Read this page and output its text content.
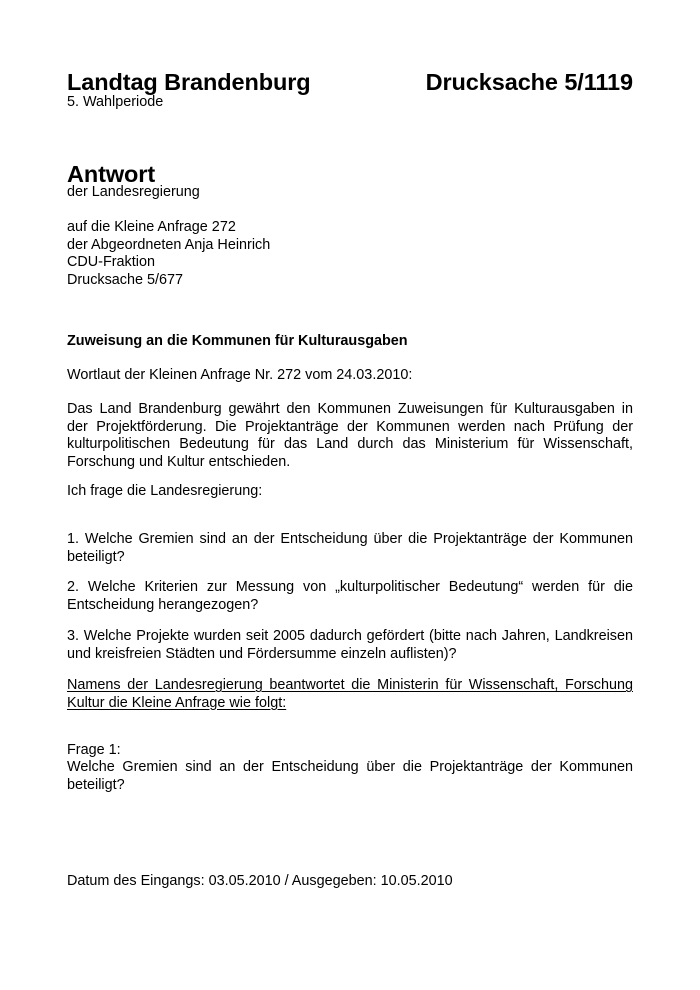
Landtag Brandenburg	Drucksache 5/1119
5. Wahlperiode
Antwort
der Landesregierung
auf die Kleine Anfrage 272
der Abgeordneten Anja Heinrich
CDU-Fraktion
Drucksache 5/677
Zuweisung an die Kommunen für Kulturausgaben
Wortlaut der Kleinen Anfrage Nr. 272 vom 24.03.2010:
Das Land Brandenburg gewährt den Kommunen Zuweisungen für Kulturausgaben in
der Projektförderung. Die Projektanträge der Kommunen werden nach Prüfung der
kulturpolitischen Bedeutung für das Land durch das Ministerium für Wissenschaft,
Forschung und Kultur entschieden.
Ich frage die Landesregierung:
1. Welche Gremien sind an der Entscheidung über die Projektanträge der Kommunen
beteiligt?
2. Welche Kriterien zur Messung von „kulturpolitischer Bedeutung“ werden für die
Entscheidung herangezogen?
3. Welche Projekte wurden seit 2005 dadurch gefördert (bitte nach Jahren, Landkreisen
und kreisfreien Städten und Fördersumme einzeln auflisten)?
Namens der Landesregierung beantwortet die Ministerin für Wissenschaft, Forschung
Kultur die Kleine Anfrage wie folgt:
Frage 1:
Welche Gremien sind an der Entscheidung über die Projektanträge der Kommunen
beteiligt?
Datum des Eingangs: 03.05.2010 / Ausgegeben: 10.05.2010
